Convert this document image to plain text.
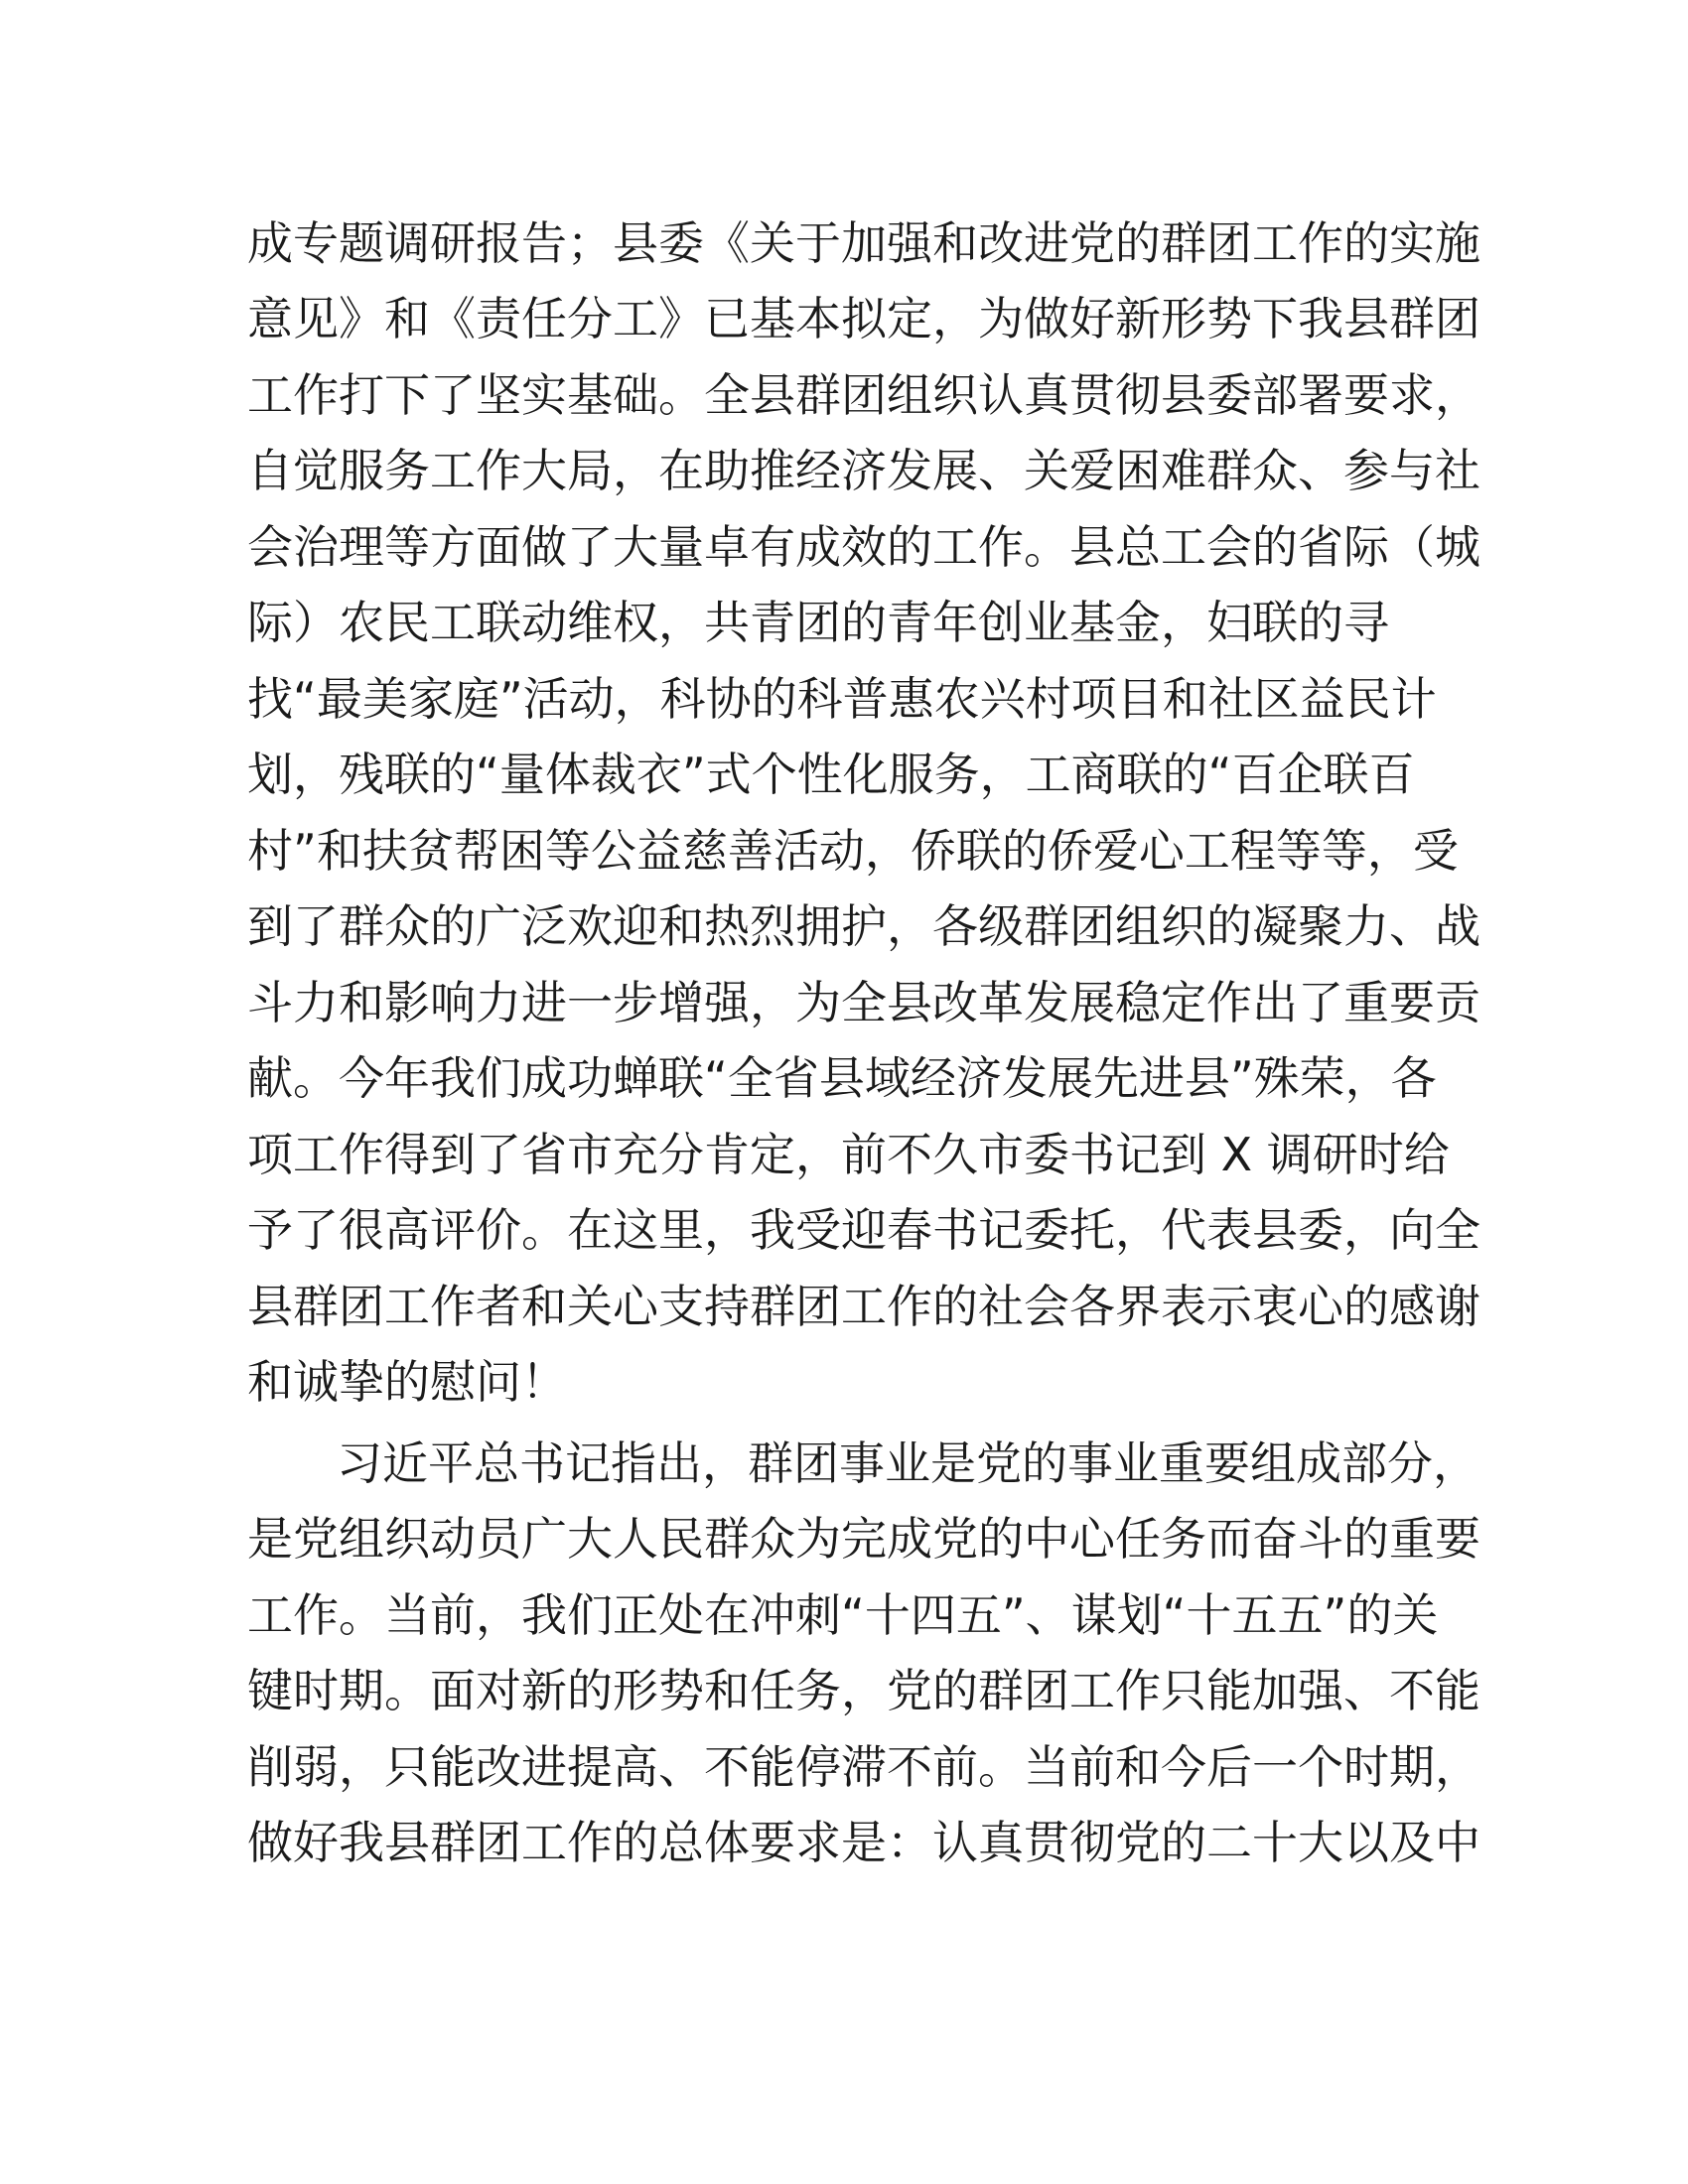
成专题调研报告；县委《关于加强和改进党的群团工作的实施
意见》和《责任分工》已基本拟定，为做好新形势下我县群团
工作打下了坚实基础。全县群团组织认真贯彻县委部署要求，
自觉服务工作大局，在助推经济发展、关爱困难群众、参与社
会治理等方面做了大量卓有成效的工作。县总工会的省际（城
际）农民工联动维权，共青团的青年创业基金，妇联的寻
找“最美家庭”活动，科协的科普惠农兴村项目和社区益民计
划，残联的“量体裁衣”式个性化服务，工商联的“百企联百
村”和扶贫帮困等公益慈善活动，侨联的侨爱心工程等等，受
到了群众的广泛欢迎和热烈拥护，各级群团组织的凝聚力、战
斗力和影响力进一步增强，为全县改革发展稳定作出了重要贡
献。今年我们成功蝉联“全省县域经济发展先进县”殊荣，各
项工作得到了省市充分肯定，前不久市委书记到 X 调研时给
予了很高评价。在这里，我受迎春书记委托，代表县委，向全
县群团工作者和关心支持群团工作的社会各界表示衷心的感谢
和诚挚的慰问！
习近平总书记指出，群团事业是党的事业重要组成部分，
是党组织动员广大人民群众为完成党的中心任务而奋斗的重要
工作。当前，我们正处在冲刺“十四五”、谋划“十五五”的关
键时期。面对新的形势和任务，党的群团工作只能加强、不能
削弱，只能改进提高、不能停滞不前。当前和今后一个时期，
做好我县群团工作的总体要求是：认真贯彻党的二十大以及中
